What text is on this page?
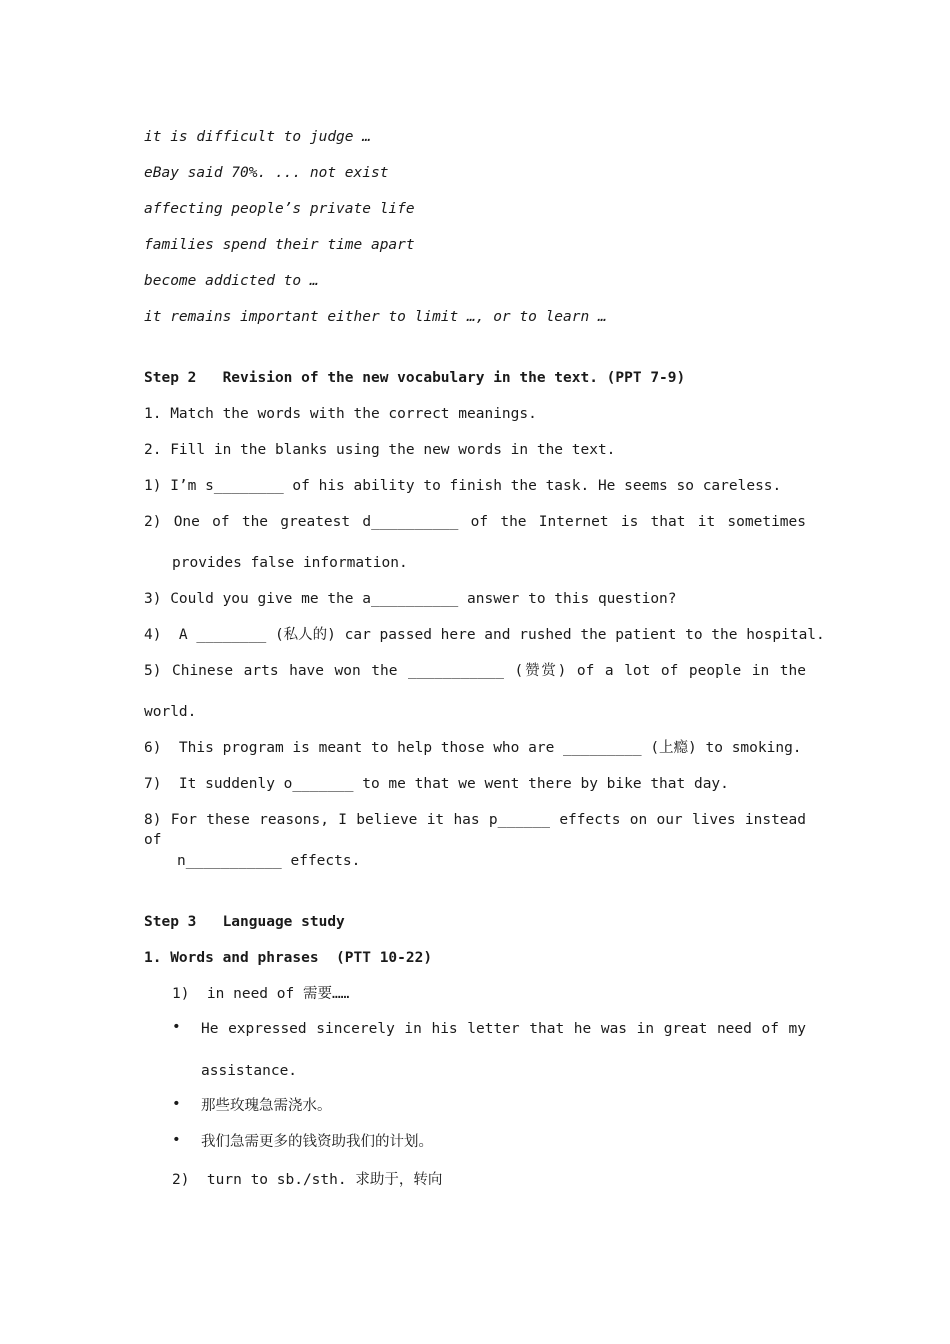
it is difficult to judge …
eBay said 70%. ... not exist
affecting people’s private life
families spend their time apart
become addicted to …
it remains important either to limit …, or to learn …
Step 2   Revision of the new vocabulary in the text. (PPT 7-9)
1. Match the words with the correct meanings.
2. Fill in the blanks using the new words in the text.
1) I’m s________ of his ability to finish the task. He seems so careless.
2) One of the greatest d__________ of the Internet is that it sometimes
provides false information.
3) Could you give me the a__________ answer to this question?
4)  A ________ (私人的) car passed here and rushed the patient to the hospital.
5) Chinese arts have won the ___________ (赞赏) of a lot of people in the
world.
6)  This program is meant to help those who are _________ (上瘾) to smoking.
7)  It suddenly o_______ to me that we went there by bike that day.
8) For these reasons, I believe it has p______ effects on our lives instead of
n___________ effects.
Step 3   Language study
1. Words and phrases  (PTT 10-22)
1)  in need of 需要……
• He expressed sincerely in his letter that he was in great need of my
assistance.
• 那些玫瑰急需浇水。
• 我们急需更多的钱资助我们的计划。
2)  turn to sb./sth. 求助于，转向
